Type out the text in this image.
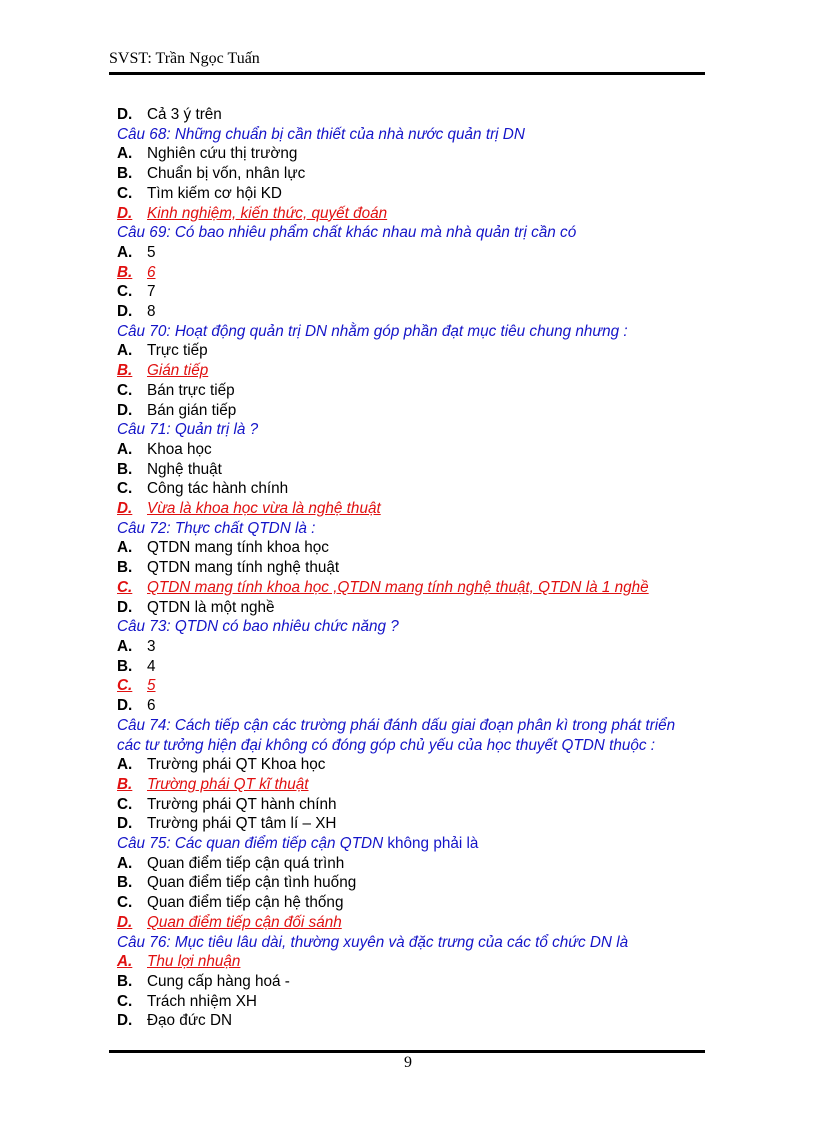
SVST: Trần Ngọc Tuấn
D. Cả 3 ý trên
Câu 68: Những chuẩn bị cần thiết của nhà nước quản trị DN
A. Nghiên cứu thị trường
B. Chuẩn bị vốn, nhân lực
C. Tìm kiếm cơ hội KD
D. Kinh nghiệm, kiến thức, quyết đoán
Câu 69: Có bao nhiêu phẩm chất khác nhau mà nhà quản trị cần có
A. 5
B. 6
C. 7
D. 8
Câu 70: Hoạt động quản trị DN nhằm góp phần đạt mục tiêu chung nhưng :
A. Trực tiếp
B. Gián tiếp
C. Bán trực tiếp
D. Bán gián tiếp
Câu 71: Quản trị là ?
A. Khoa học
B. Nghệ thuật
C. Công tác hành chính
D. Vừa là khoa học vừa là nghệ thuật
Câu 72: Thực chất QTDN là :
A. QTDN mang tính khoa học
B. QTDN mang tính nghệ thuật
C. QTDN mang tính khoa học ,QTDN mang tính nghệ thuật, QTDN là 1 nghề
D. QTDN là một nghề
Câu 73: QTDN có bao nhiêu chức năng ?
A. 3
B. 4
C. 5
D. 6
Câu 74: Cách tiếp cận các trường phái đánh dấu giai đoạn phân kì trong phát triển các tư tưởng hiện đại không có đóng góp chủ yếu của học thuyết QTDN thuộc :
A. Trường phái QT Khoa học
B. Trường phái QT kĩ thuật
C. Trường phái QT hành chính
D. Trường phái QT tâm lí – XH
Câu 75: Các quan điểm tiếp cận QTDN không phải là
A. Quan điểm tiếp cận quá trình
B. Quan điểm tiếp cận tình huống
C. Quan điểm tiếp cận hệ thống
D. Quan điểm tiếp cận đối sánh
Câu 76: Mục tiêu lâu dài, thường xuyên và đặc trưng của các tổ chức DN là
A. Thu lợi nhuận
B. Cung cấp hàng hoá -
C. Trách nhiệm XH
D. Đạo đức DN
9
